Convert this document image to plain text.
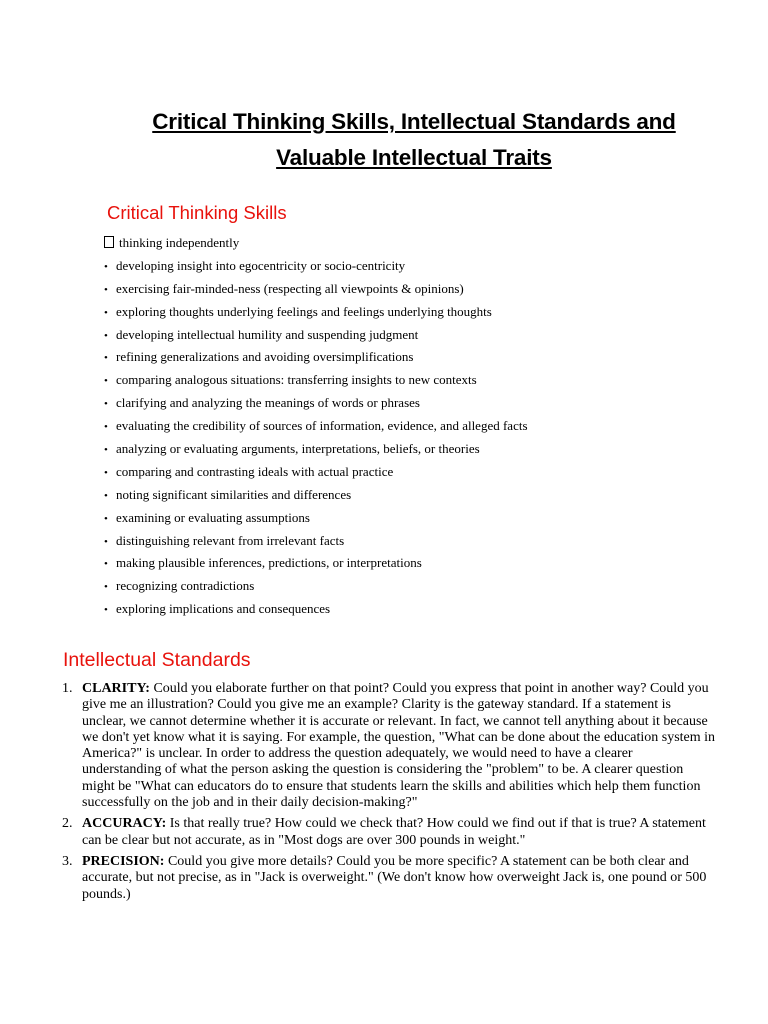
Critical Thinking Skills, Intellectual Standards and
Valuable Intellectual Traits
Critical Thinking Skills
thinking independently
• developing insight into egocentricity or socio-centricity
• exercising fair-minded-ness (respecting all viewpoints & opinions)
• exploring thoughts underlying feelings and feelings underlying thoughts
• developing intellectual humility and suspending judgment
• refining generalizations and avoiding oversimplifications
• comparing analogous situations: transferring insights to new contexts
• clarifying and analyzing the meanings of words or phrases
• evaluating the credibility of sources of information, evidence, and alleged facts
• analyzing or evaluating arguments, interpretations, beliefs, or theories
• comparing and contrasting ideals with actual practice
• noting significant similarities and differences
• examining or evaluating assumptions
• distinguishing relevant from irrelevant facts
• making plausible inferences, predictions, or interpretations
• recognizing contradictions
• exploring implications and consequences
Intellectual Standards
1. CLARITY: Could you elaborate further on that point? Could you express that point in another way? Could you
give me an illustration? Could you give me an example? Clarity is the gateway standard. If a statement is
unclear, we cannot determine whether it is accurate or relevant. In fact, we cannot tell anything about it because
we don't yet know what it is saying. For example, the question, "What can be done about the education system in
America?" is unclear. In order to address the question adequately, we would need to have a clearer
understanding of what the person asking the question is considering the "problem" to be. A clearer question
might be "What can educators do to ensure that students learn the skills and abilities which help them function
successfully on the job and in their daily decision-making?"
2. ACCURACY: Is that really true? How could we check that? How could we find out if that is true? A statement
can be clear but not accurate, as in "Most dogs are over 300 pounds in weight."
3. PRECISION: Could you give more details? Could you be more specific? A statement can be both clear and
accurate, but not precise, as in "Jack is overweight." (We don't know how overweight Jack is, one pound or 500
pounds.)
